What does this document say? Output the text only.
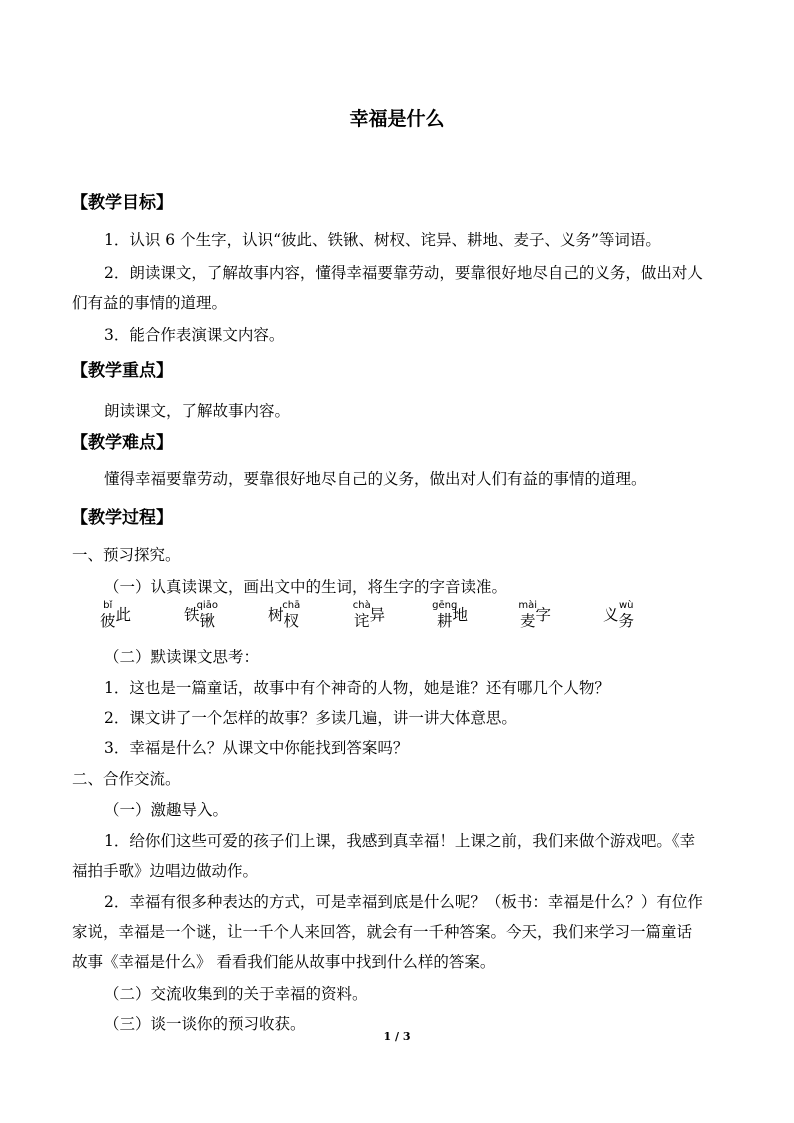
幸福是什么
【教学目标】
1．认识 6 个生字，认识“彼此、铁锹、树杈、诧异、耕地、麦子、义务”等词语。
2．朗读课文，了解故事内容，懂得幸福要靠劳动，要靠很好地尽自己的义务，做出对人
们有益的事情的道理。
3．能合作表演课文内容。
【教学重点】
朗读课文，了解故事内容。
【教学难点】
懂得幸福要靠劳动，要靠很好地尽自己的义务，做出对人们有益的事情的道理。
【教学过程】
一、预习探究。
（一）认真读课文，画出文中的生词，将生字的字音读准。
彼
bǐ
此	铁锹
qiāo
树杈
chā
诧
chà
异	耕
gēng
地	麦
mài
字	义务
wù
（二）默读课文思考：
1．这也是一篇童话，故事中有个神奇的人物，她是谁？还有哪几个人物？
2．课文讲了一个怎样的故事？多读几遍，讲一讲大体意思。
3．幸福是什么？从课文中你能找到答案吗？
二、合作交流。
（一）激趣导入。
1．给你们这些可爱的孩子们上课，我感到真幸福！上课之前，我们来做个游戏吧。《幸
福拍手歌》边唱边做动作。
2．幸福有很多种表达的方式，可是幸福到底是什么呢？（板书：幸福是什么？）有位作
家说，幸福是一个谜，让一千个人来回答，就会有一千种答案。今天，我们来学习一篇童话
故事《幸福是什么》 看看我们能从故事中找到什么样的答案。
（二）交流收集到的关于幸福的资料。
（三）谈一谈你的预习收获。
1 / 3
